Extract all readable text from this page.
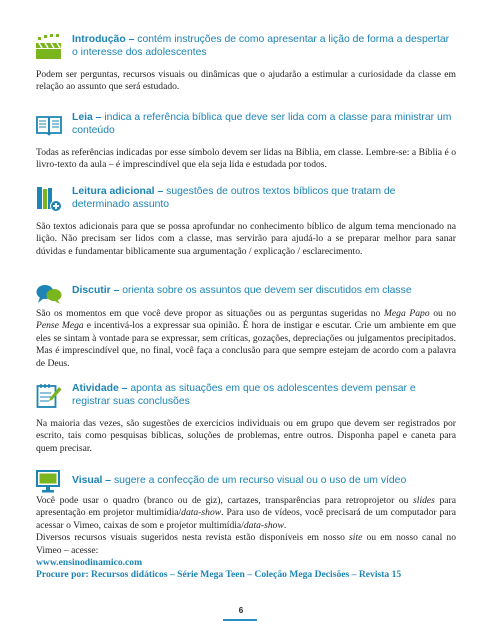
Introdução – contém instruções de como apresentar a lição de forma a despertar o interesse dos adolescentes

Podem ser perguntas, recursos visuais ou dinâmicas que o ajudarão a estimular a curiosidade da classe em relação ao assunto que será estudado.

Leia – indica a referência bíblica que deve ser lida com a classe para ministrar um conteúdo

Todas as referências indicadas por esse símbolo devem ser lidas na Bíblia, em classe. Lembre-se: a Bíblia é o livro-texto da aula – é imprescindível que ela seja lida e estudada por todos.

Leitura adicional – sugestões de outros textos bíblicos que tratam de determinado assunto

São textos adicionais para que se possa aprofundar no conhecimento bíblico de algum tema mencionado na lição. Não precisam ser lidos com a classe, mas servirão para ajudá-lo a se preparar melhor para sanar dúvidas e fundamentar biblicamente sua argumentação / explicação / esclarecimento.

Discutir – orienta sobre os assuntos que devem ser discutidos em classe

São os momentos em que você deve propor as situações ou as perguntas sugeridas no Mega Papo ou no Pense Mega e incentivá-los a expressar sua opinião. É hora de instigar e escutar. Crie um ambiente em que eles se sintam à vontade para se expressar, sem críticas, gozações, depreciações ou julgamentos precipitados. Mas é imprescindível que, no final, você faça a conclusão para que sempre estejam de acordo com a palavra de Deus.

Atividade – aponta as situações em que os adolescentes devem pensar e registrar suas conclusões

Na maioria das vezes, são sugestões de exercícios individuais ou em grupo que devem ser registrados por escrito, tais como pesquisas bíblicas, soluções de problemas, entre outros. Disponha papel e caneta para quem precisar.

Visual – sugere a confecção de um recurso visual ou o uso de um vídeo

Você pode usar o quadro (branco ou de giz), cartazes, transparências para retroprojetor ou slides para apresentação em projetor multimídia/data-show. Para uso de vídeos, você precisará de um computador para acessar o Vimeo, caixas de som e projetor multimídia/data-show.

Diversos recursos visuais sugeridos nesta revista estão disponíveis em nosso site ou em nosso canal no Vimeo – acesse:

www.ensinodinamico.com

Procure por: Recursos didáticos – Série Mega Teen – Coleção Mega Decisões – Revista 15

6
